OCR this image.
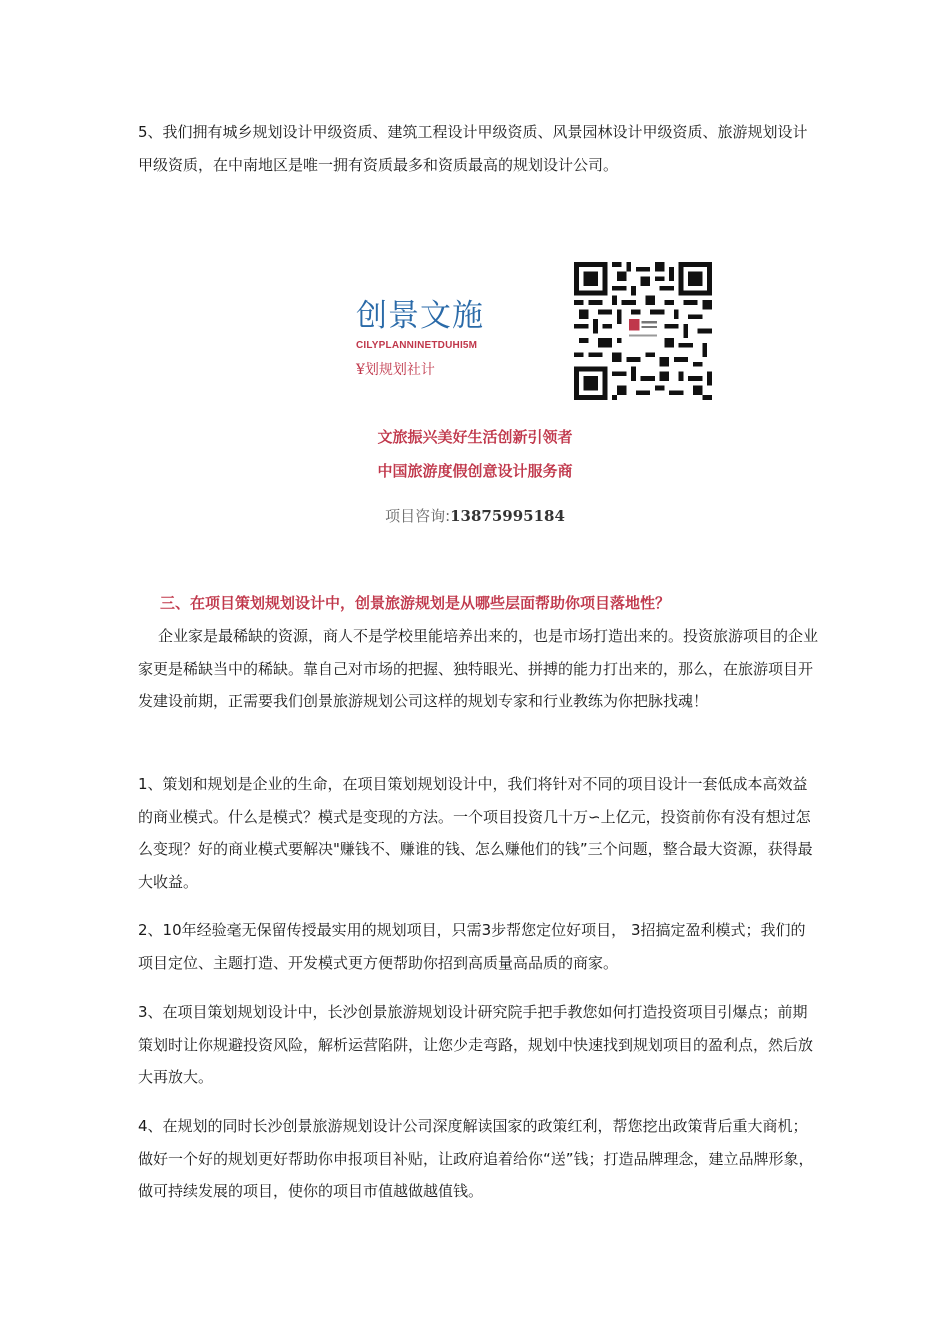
5、我们拥有城乡规划设计甲级资质、建筑工程设计甲级资质、风景园林设计甲级资质、旅游规划设计甲级资质，在中南地区是唯一拥有资质最多和资质最高的规划设计公司。

创景文施
CILYPLANNINETDUHI5M
¥划规划社计
文旅振兴美好生活创新引领者
中国旅游度假创意设计服务商
项目咨询:13875995184
三、在项目策划规划设计中，创景旅游规划是从哪些层面帮助你项目落地性？

企业家是最稀缺的资源，商人不是学校里能培养出来的，也是市场打造出来的。投资旅游项目的企业家更是稀缺当中的稀缺。靠自己对市场的把握、独特眼光、拼搏的能力打出来的，那么，在旅游项目开发建设前期，正需要我们创景旅游规划公司这样的规划专家和行业教练为你把脉找魂！

1、策划和规划是企业的生命，在项目策划规划设计中，我们将针对不同的项目设计一套低成本高效益的商业模式。什么是模式？模式是变现的方法。一个项目投资几十万∽上亿元，投资前你有没有想过怎么变现？好的商业模式要解决"赚钱不、赚谁的钱、怎么赚他们的钱”三个问题，整合最大资源，获得最大收益。

2、10年经验毫无保留传授最实用的规划项目，只需3步帮您定位好项目， 3招搞定盈利模式；我们的项目定位、主题打造、开发模式更方便帮助你招到高质量高品质的商家。

3、在项目策划规划设计中，长沙创景旅游规划设计研究院手把手教您如何打造投资项目引爆点；前期策划时让你规避投资风险，解析运营陷阱，让您少走弯路，规划中快速找到规划项目的盈利点，然后放大再放大。

4、在规划的同时长沙创景旅游规划设计公司深度解读国家的政策红利，帮您挖出政策背后重大商机；做好一个好的规划更好帮助你申报项目补贴，让政府追着给你“送”钱；打造品牌理念，建立品牌形象，做可持续发展的项目，使你的项目市值越做越值钱。
